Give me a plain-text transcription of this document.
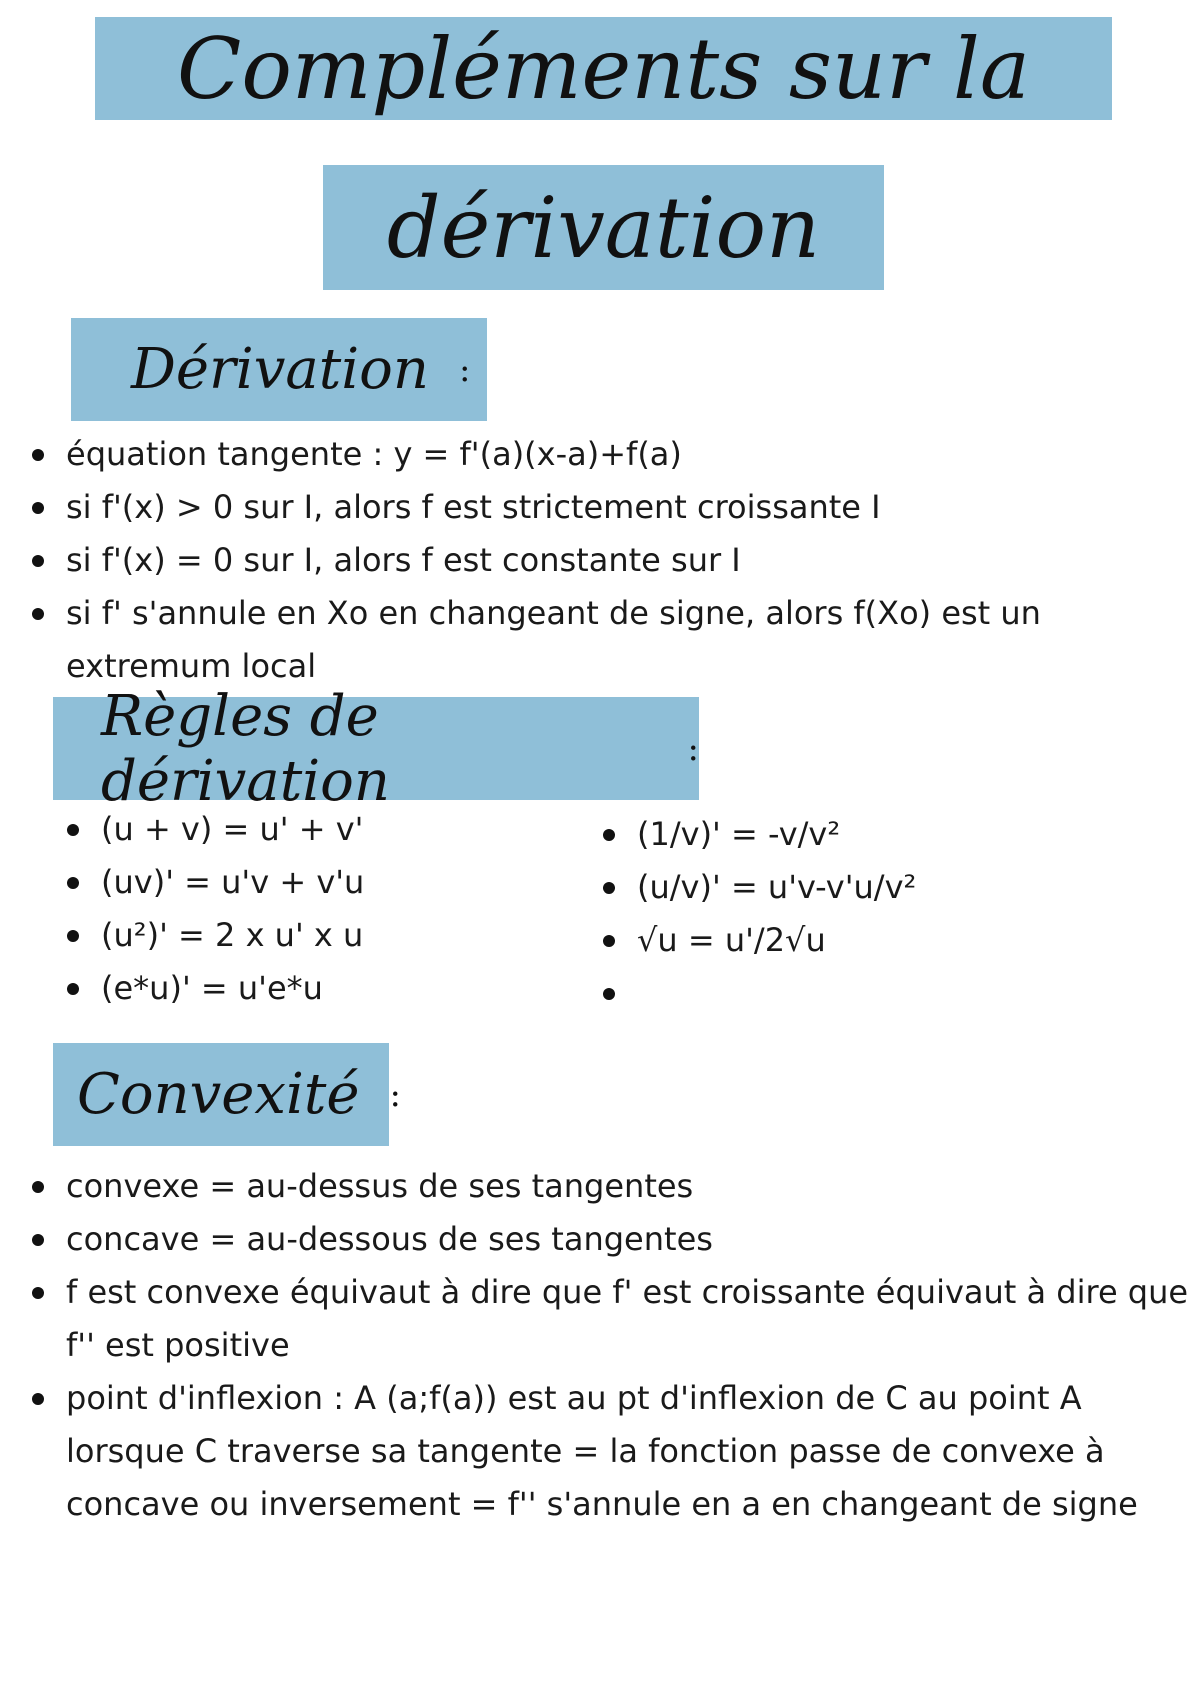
Compléments sur la
dérivation
Dérivation :
équation tangente : y = f'(a)(x-a)+f(a)
si f'(x) > 0 sur I, alors f est strictement croissante I
si f'(x) = 0 sur I, alors f est constante sur I
si f' s'annule en Xo en changeant de signe, alors f(Xo) est un extremum local
Règles de dérivation	:
(u + v) = u' + v'
(uv)' = u'v + v'u
(u²)' = 2 x u' x u
(e*u)' = u'e*u
(1/v)' = -v/v²
(u/v)' = u'v-v'u/v²
√u = u'/2√u

Convexité :
convexe = au-dessus de ses tangentes
concave = au-dessous de ses tangentes
f est convexe équivaut à dire que f' est croissante équivaut à dire que f'' est positive
point d'inflexion : A (a;f(a)) est au pt d'inflexion de C au point A lorsque C traverse sa tangente = la fonction passe de convexe à concave ou inversement = f'' s'annule en a en changeant de signe
